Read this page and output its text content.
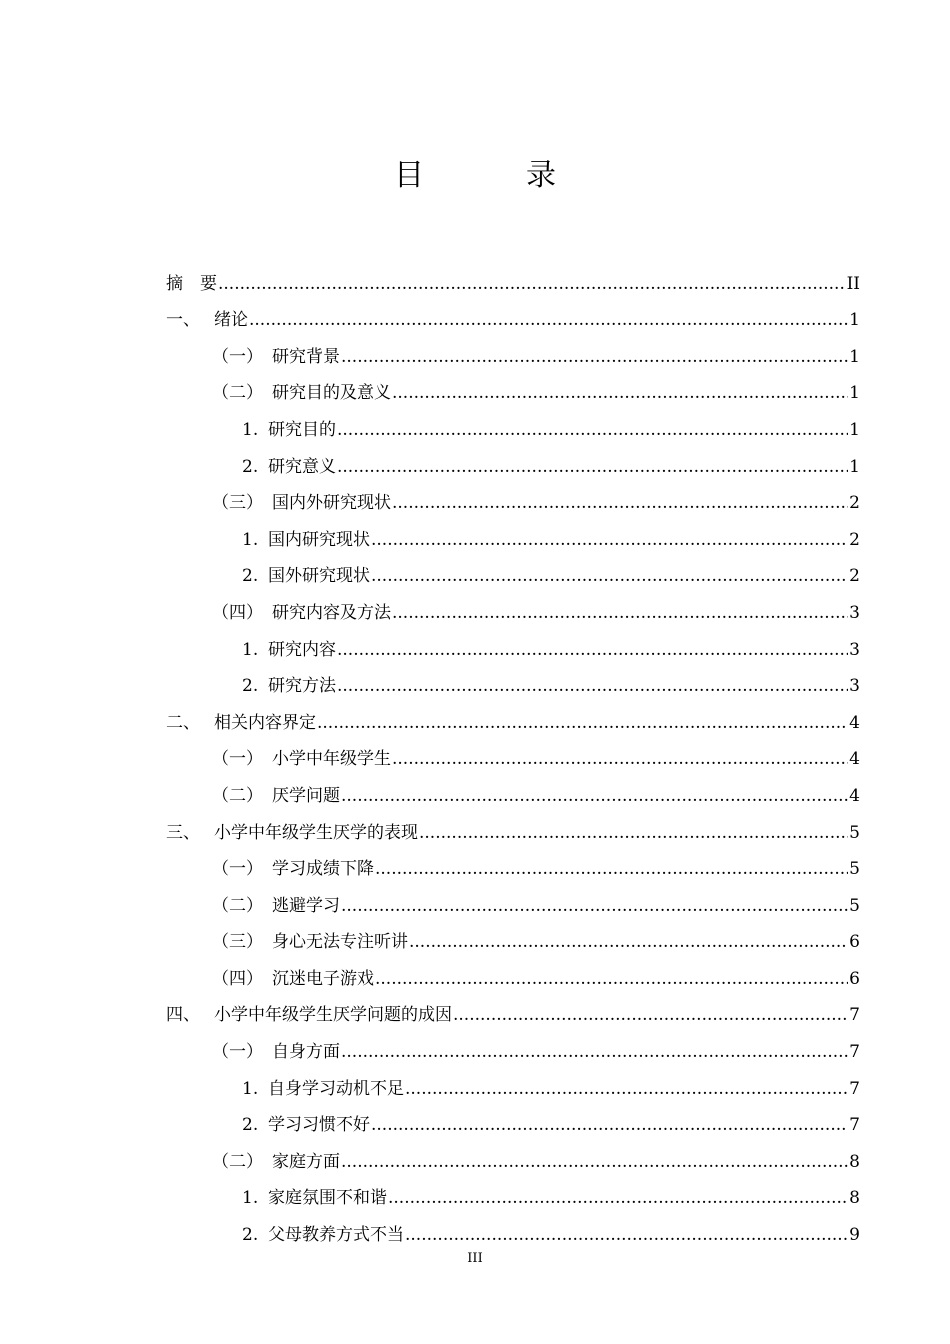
目　录
摘　要 .....	II
一、 绪论 .....	1
（一） 研究背景 .....	1
（二） 研究目的及意义 .....	1
1. 研究目的 .....	1
2. 研究意义 .....	1
（三） 国内外研究现状 .....	2
1. 国内研究现状 .....	2
2. 国外研究现状 .....	2
（四） 研究内容及方法 .....	3
1. 研究内容 .....	3
2. 研究方法 .....	3
二、 相关内容界定 .....	4
（一） 小学中年级学生 .....	4
（二） 厌学问题 .....	4
三、 小学中年级学生厌学的表现 .....	5
（一） 学习成绩下降 .....	5
（二） 逃避学习 .....	5
（三） 身心无法专注听讲 .....	6
（四） 沉迷电子游戏 .....	6
四、 小学中年级学生厌学问题的成因 .....	7
（一） 自身方面 .....	7
1. 自身学习动机不足 .....	7
2. 学习习惯不好 .....	7
（二） 家庭方面 .....	8
1. 家庭氛围不和谐 .....	8
2. 父母教养方式不当 .....	9
III
